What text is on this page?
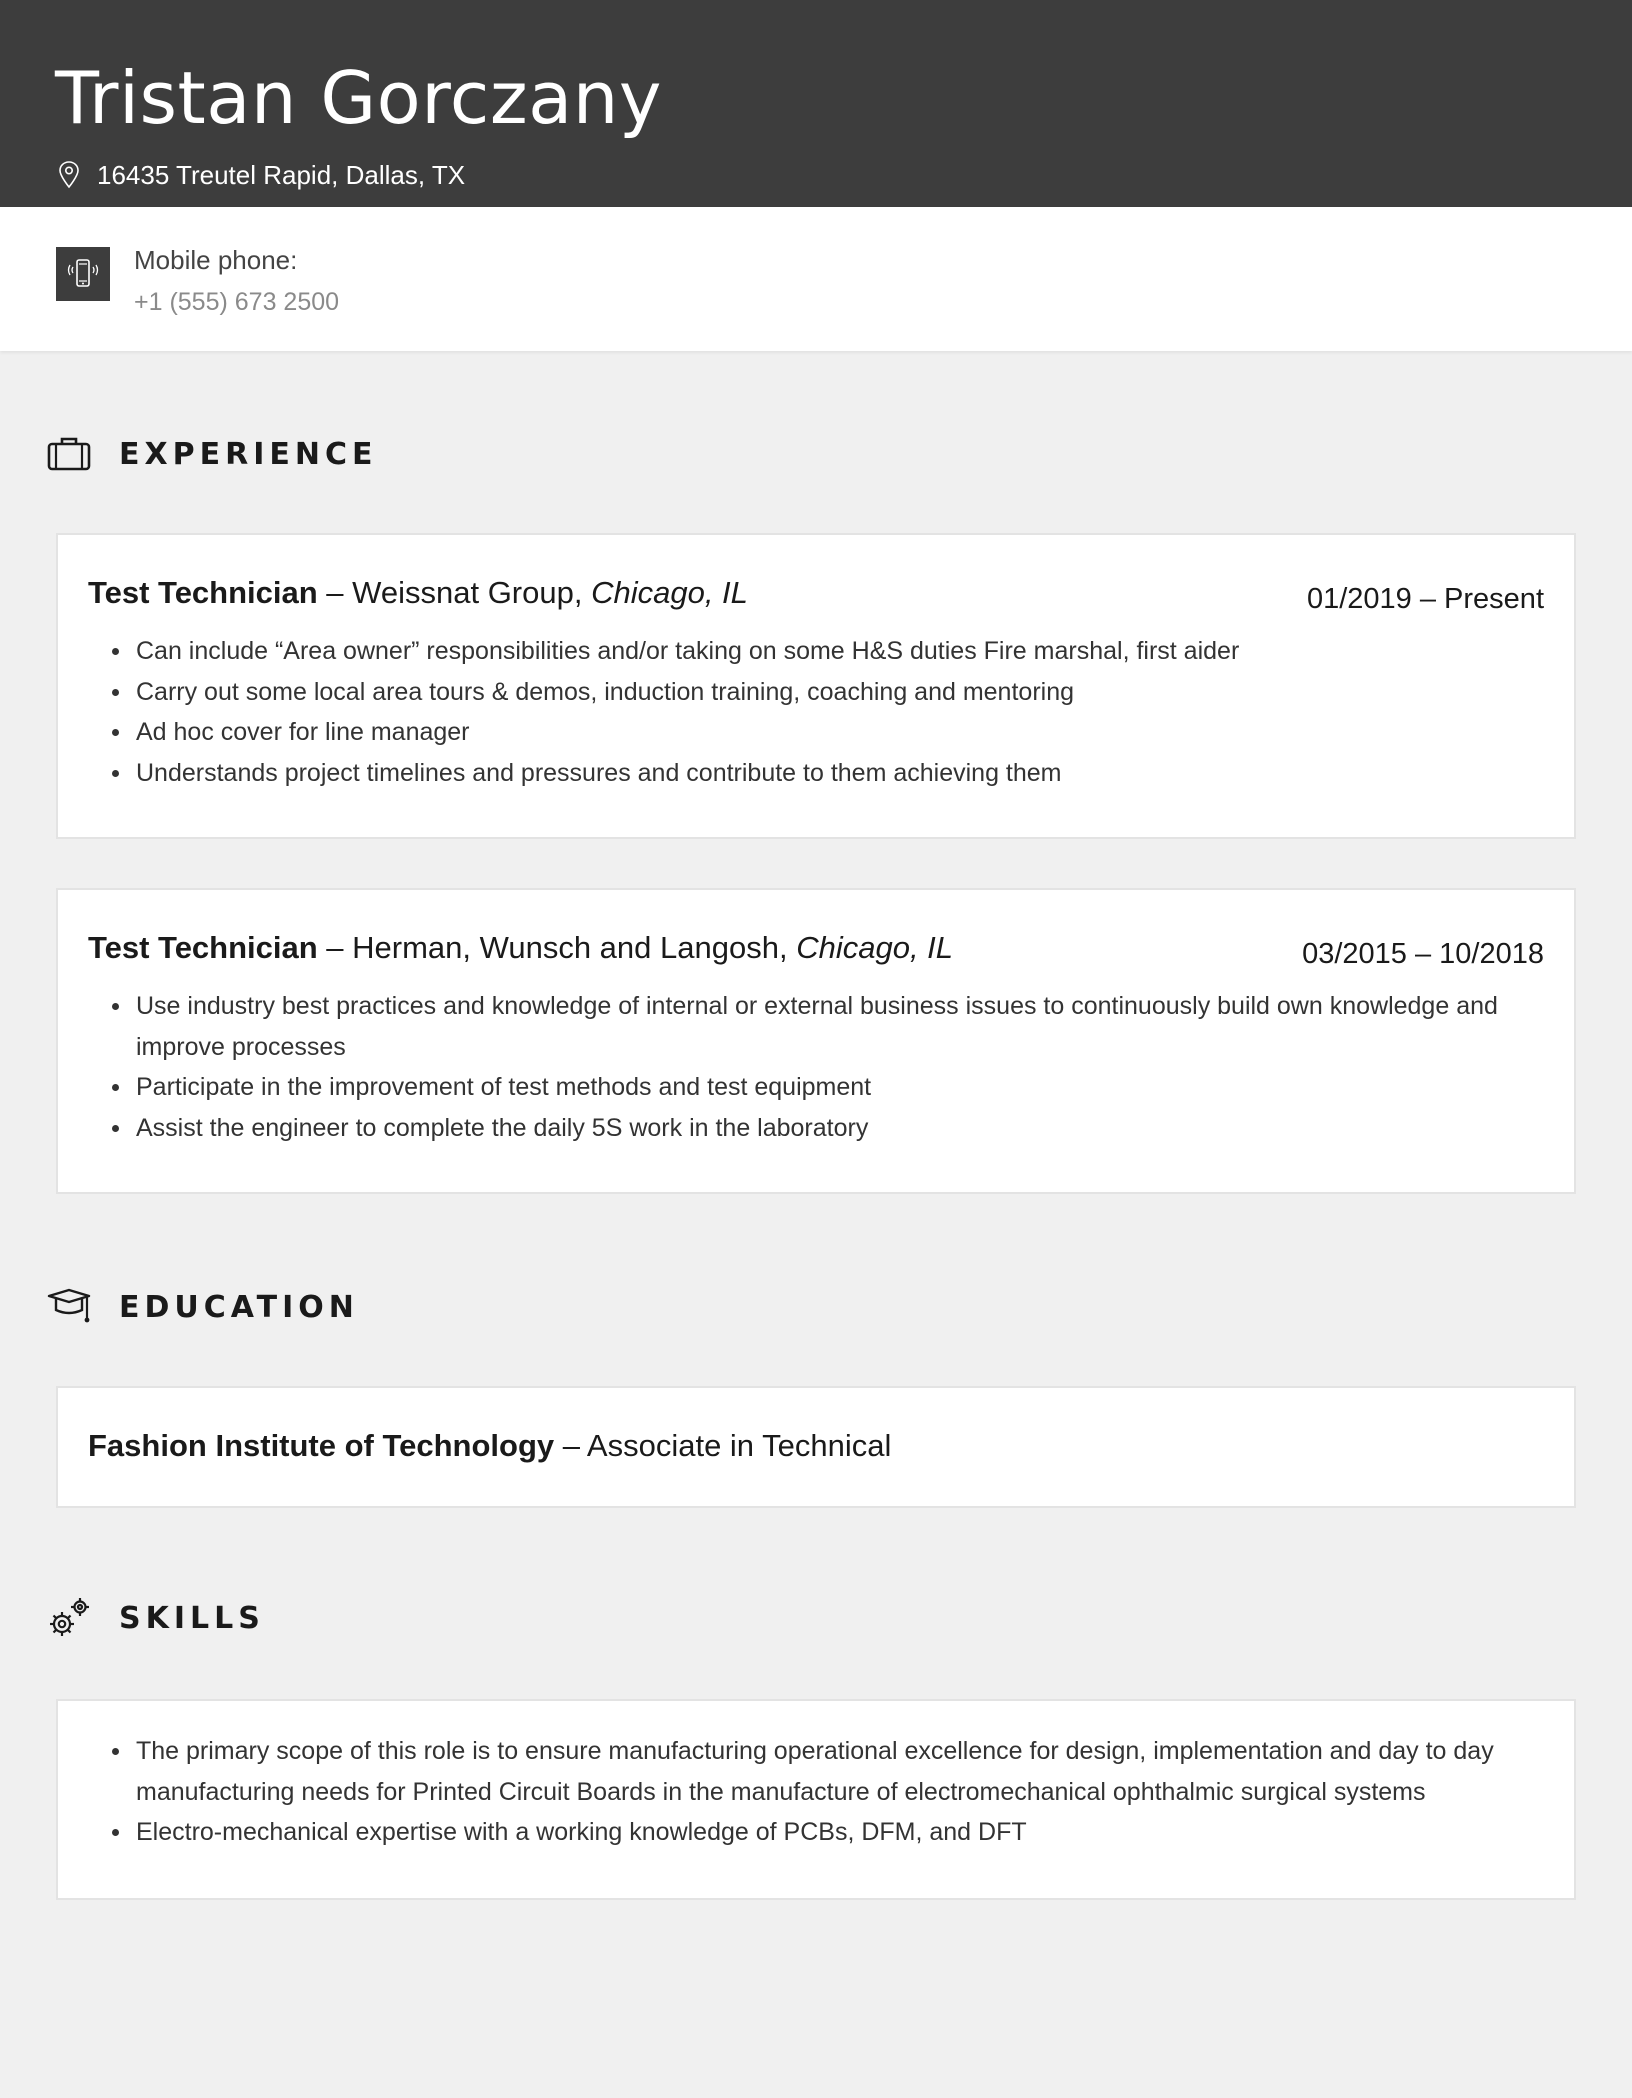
Tristan Gorczany
16435 Treutel Rapid, Dallas, TX
Mobile phone:
+1 (555) 673 2500
EXPERIENCE
Test Technician – Weissnat Group, Chicago, IL	01/2019 – Present
Can include “Area owner” responsibilities and/or taking on some H&S duties Fire marshal, first aider
Carry out some local area tours & demos, induction training, coaching and mentoring
Ad hoc cover for line manager
Understands project timelines and pressures and contribute to them achieving them
Test Technician – Herman, Wunsch and Langosh, Chicago, IL	03/2015 – 10/2018
Use industry best practices and knowledge of internal or external business issues to continuously build own knowledge and improve processes
Participate in the improvement of test methods and test equipment
Assist the engineer to complete the daily 5S work in the laboratory
EDUCATION
Fashion Institute of Technology – Associate in Technical
SKILLS
The primary scope of this role is to ensure manufacturing operational excellence for design, implementation and day to day manufacturing needs for Printed Circuit Boards in the manufacture of electromechanical ophthalmic surgical systems
Electro-mechanical expertise with a working knowledge of PCBs, DFM, and DFT
